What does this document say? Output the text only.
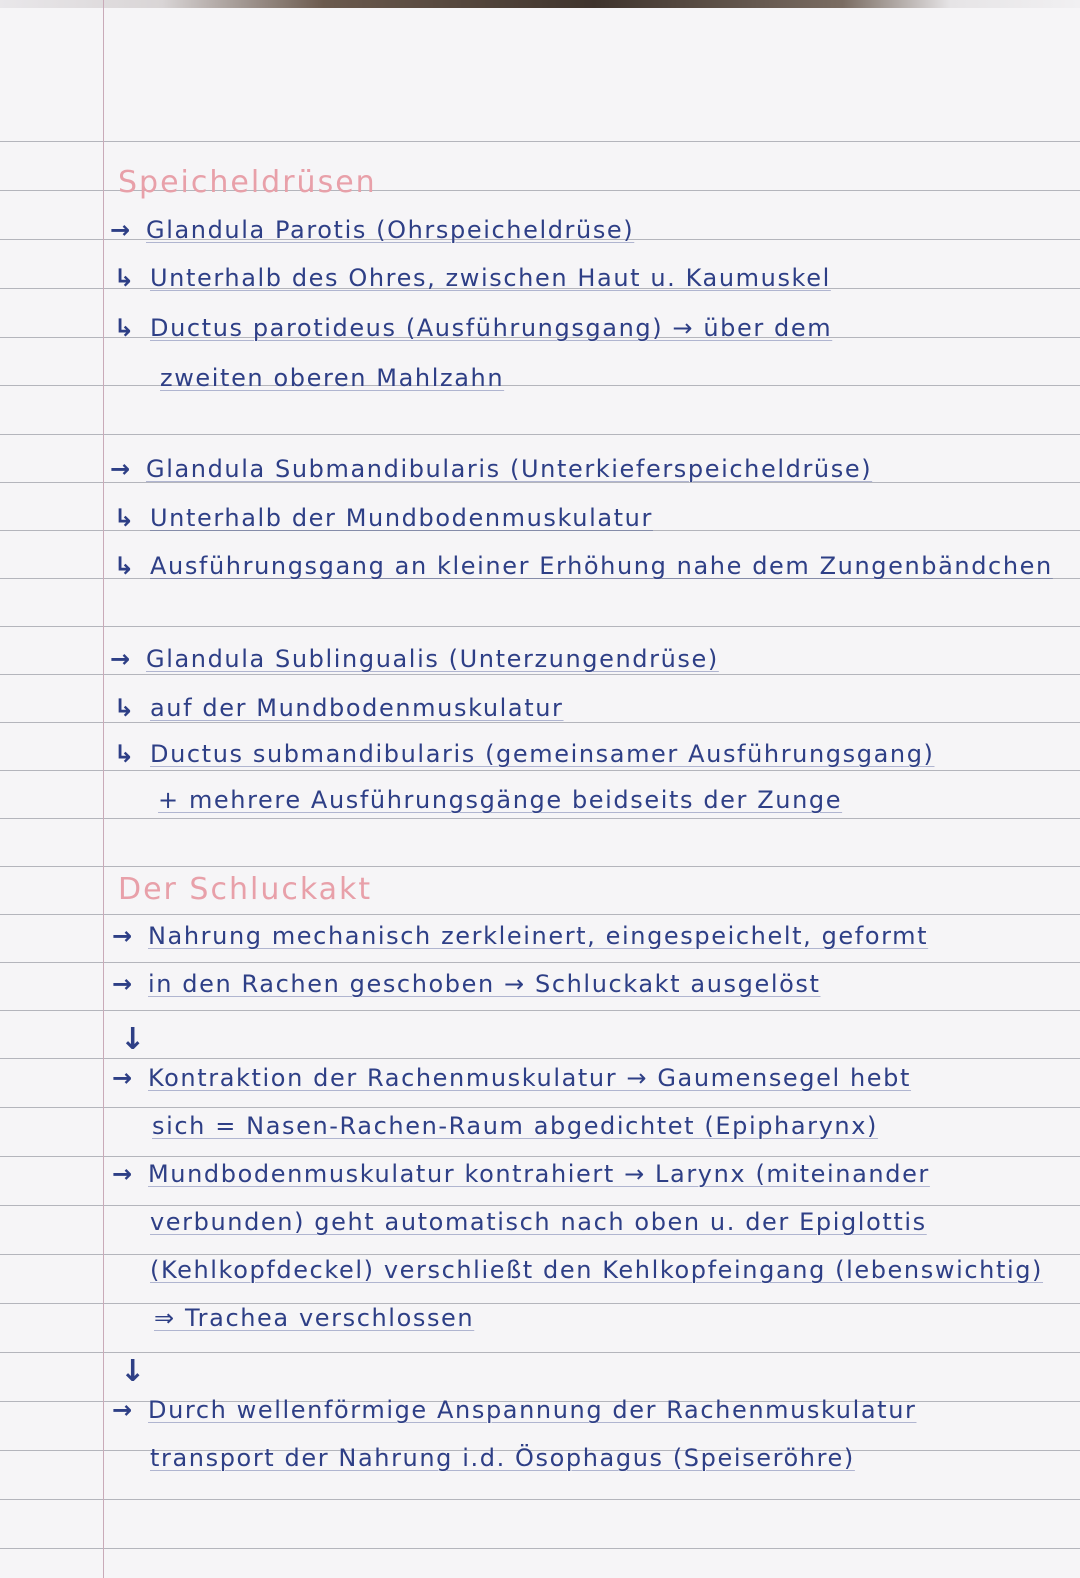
Speicheldrüsen
→ Glandula Parotis (Ohrspeicheldrüse)
↳ Unterhalb des Ohres, zwischen Haut u. Kaumuskel
↳ Ductus parotideus (Ausführungsgang) → über dem
zweiten oberen Mahlzahn
→ Glandula Submandibularis (Unterkieferspeicheldrüse)
↳ Unterhalb der Mundbodenmuskulatur
↳ Ausführungsgang an kleiner Erhöhung nahe dem Zungenbändchen
→ Glandula Sublingualis (Unterzungendrüse)
↳ auf der Mundbodenmuskulatur
↳ Ductus submandibularis (gemeinsamer Ausführungsgang)
+ mehrere Ausführungsgänge beidseits der Zunge
Der Schluckakt
→ Nahrung mechanisch zerkleinert, eingespeichelt, geformt
→ in den Rachen geschoben → Schluckakt ausgelöst
↓
→ Kontraktion der Rachenmuskulatur → Gaumensegel hebt
sich = Nasen-Rachen-Raum abgedichtet (Epipharynx)
→ Mundbodenmuskulatur kontrahiert → Larynx (miteinander
verbunden) geht automatisch nach oben u. der Epiglottis
(Kehlkopfdeckel) verschließt den Kehlkopfeingang (lebenswichtig)
⇒ Trachea verschlossen
↓
→ Durch wellenförmige Anspannung der Rachenmuskulatur
transport der Nahrung i.d. Ösophagus (Speiseröhre)
